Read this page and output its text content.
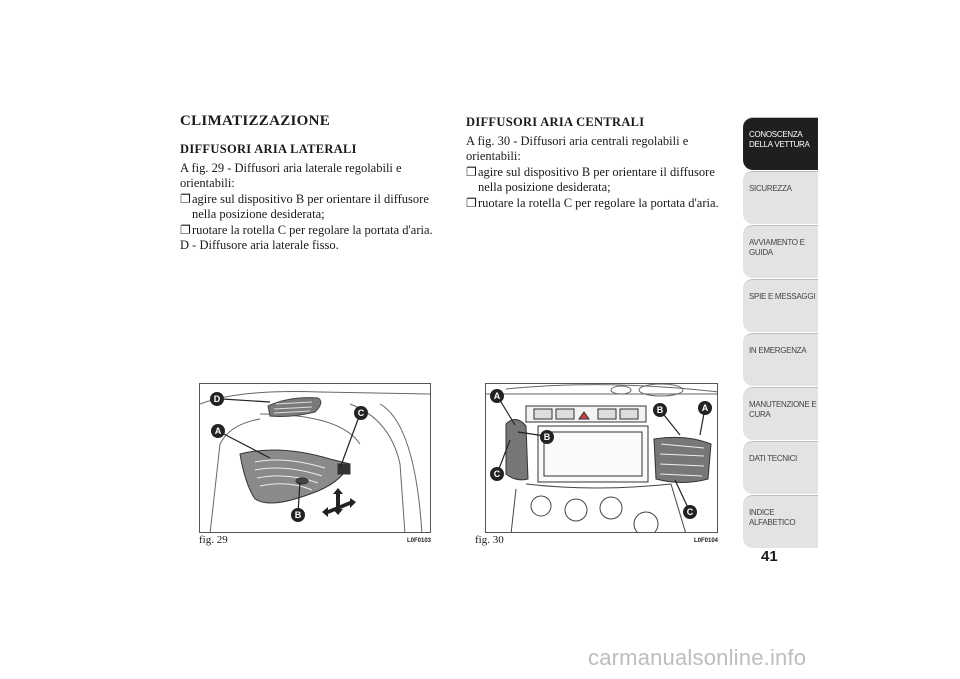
CLIMATIZZAZIONE
DIFFUSORI ARIA LATERALI

A fig. 29 - Diffusori aria laterale regolabili e orientabili:

❐ agire sul dispositivo B per orientare il diffusore nella posizione desiderata;
❐ ruotare la rotella C per regolare la portata d'aria.

D - Diffusore aria laterale fisso.

DIFFUSORI ARIA CENTRALI

A fig. 30 - Diffusori aria centrali regolabili e orientabili:

❐ agire sul dispositivo B per orientare il diffusore nella posizione desiderata;
❐ ruotare la rotella C per regolare la portata d'aria.
D
C
A
B
A
B
A
B
C
C
fig. 29	L0F0103	fig. 30	L0F0104
CONOSCENZA DELLA VETTURA
SICUREZZA
AVVIAMENTO E GUIDA
SPIE E MESSAGGI
IN EMERGENZA
MANUTENZIONE E CURA
DATI TECNICI
INDICE ALFABETICO
41
carmanualsonline.info
